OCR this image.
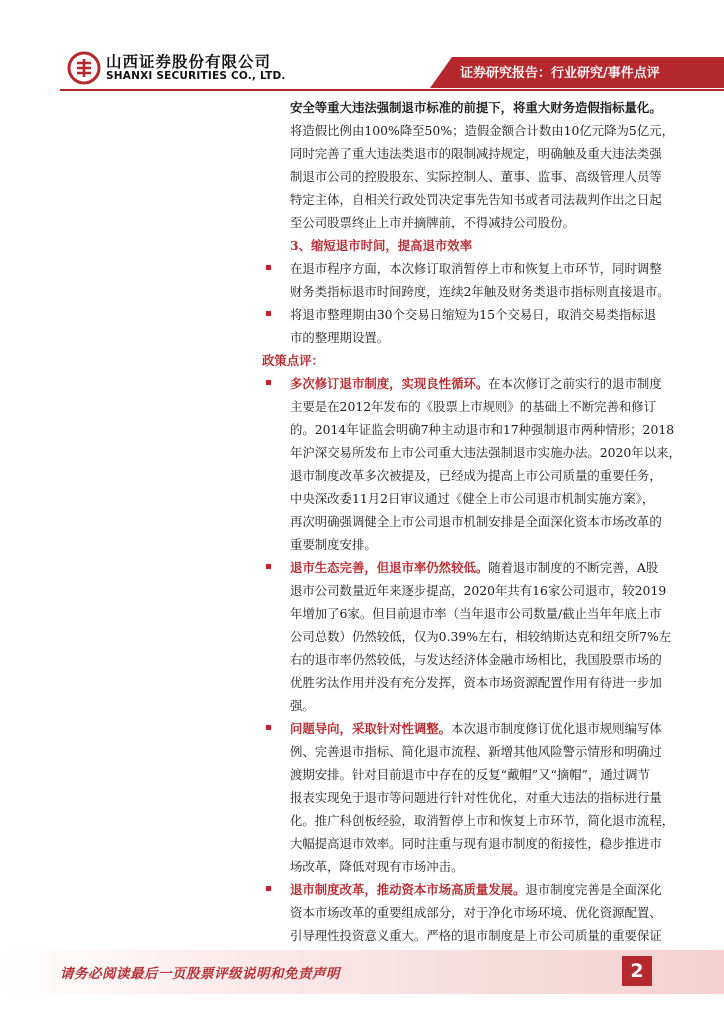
山西证券股份有限公司
SHANXI SECURITIES CO., LTD.	证券研究报告：行业研究/事件点评
安全等重大违法强制退市标准的前提下，将重大财务造假指标量化。
将造假比例由100%降至50%；造假金额合计数由10亿元降为5亿元，
同时完善了重大违法类退市的限制减持规定，明确触及重大违法类强
制退市公司的控股股东、实际控制人、董事、监事、高级管理人员等
特定主体，自相关行政处罚决定事先告知书或者司法裁判作出之日起
至公司股票终止上市并摘牌前，不得减持公司股份。
3、缩短退市时间，提高退市效率
在退市程序方面，本次修订取消暂停上市和恢复上市环节，同时调整
财务类指标退市时间跨度，连续2年触及财务类退市指标则直接退市。
将退市整理期由30个交易日缩短为15个交易日，取消交易类指标退
市的整理期设置。
政策点评：
多次修订退市制度，实现良性循环。在本次修订之前实行的退市制度
主要是在2012年发布的《股票上市规则》的基础上不断完善和修订
的。2014年证监会明确7种主动退市和17种强制退市两种情形；2018
年沪深交易所发布上市公司重大违法强制退市实施办法。2020年以来，
退市制度改革多次被提及，已经成为提高上市公司质量的重要任务，
中央深改委11月2日审议通过《健全上市公司退市机制实施方案》，
再次明确强调健全上市公司退市机制安排是全面深化资本市场改革的
重要制度安排。
退市生态完善，但退市率仍然较低。随着退市制度的不断完善，A股
退市公司数量近年来逐步提高，2020年共有16家公司退市，较2019
年增加了6家。但目前退市率（当年退市公司数量/截止当年年底上市
公司总数）仍然较低，仅为0.39%左右，相较纳斯达克和纽交所7%左
右的退市率仍然较低，与发达经济体金融市场相比，我国股票市场的
优胜劣汰作用并没有充分发挥，资本市场资源配置作用有待进一步加
强。
问题导向，采取针对性调整。本次退市制度修订优化退市规则编写体
例、完善退市指标、简化退市流程、新增其他风险警示情形和明确过
渡期安排。针对目前退市中存在的反复“戴帽”又“摘帽”，通过调节
报表实现免于退市等问题进行针对性优化，对重大违法的指标进行量
化。推广科创板经验，取消暂停上市和恢复上市环节，简化退市流程，
大幅提高退市效率。同时注重与现有退市制度的衔接性，稳步推进市
场改革，降低对现有市场冲击。
退市制度改革，推动资本市场高质量发展。退市制度完善是全面深化
资本市场改革的重要组成部分，对于净化市场环境、优化资源配置、
引导理性投资意义重大。严格的退市制度是上市公司质量的重要保证
请务必阅读最后一页股票评级说明和免责声明	2
